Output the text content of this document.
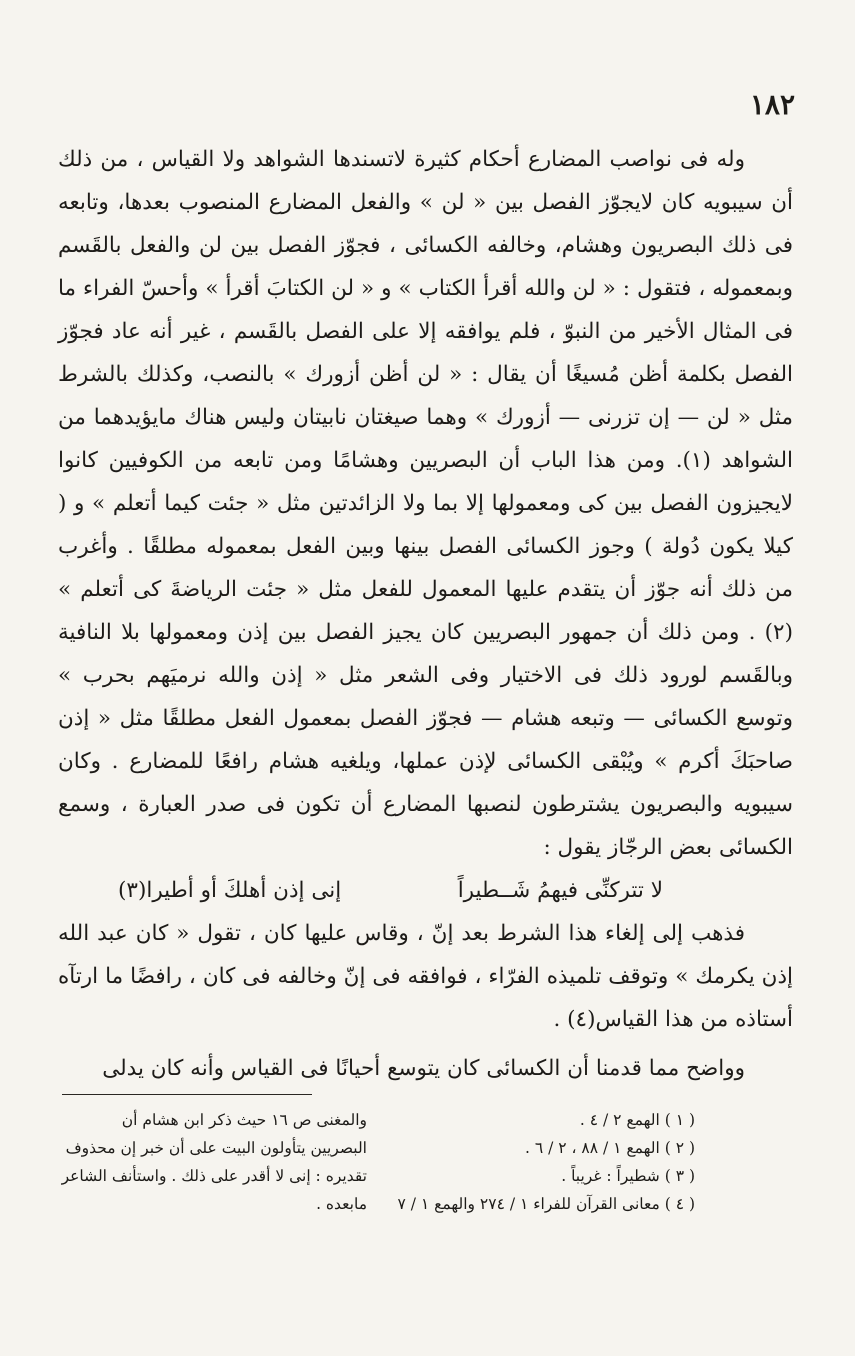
١٨٢

وله فى نواصب المضارع أحكام كثيرة لاتسندها الشواهد ولا القياس ، من ذلك أن سيبويه كان لايجوّز الفصل بين « لن » والفعل المضارع المنصوب بعدها، وتابعه فى ذلك البصريون وهشام، وخالفه الكسائى ، فجوّز الفصل بين لن والفعل بالقَسم وبمعموله ، فتقول : « لن والله أقرأ الكتاب » و « لن الكتابَ أقرأ » وأحسّ الفراء ما فى المثال الأخير من النبوّ ، فلم يوافقه إلا على الفصل بالقَسم ، غير أنه عاد فجوّز الفصل بكلمة أظن مُسيغًا أن يقال : « لن أظن أزورك » بالنصب، وكذلك بالشرط مثل « لن — إن تزرنى — أزورك » وهما صيغتان نابيتان وليس هناك مايؤيدهما من الشواهد (١). ومن هذا الباب أن البصريين وهشامًا ومن تابعه من الكوفيين كانوا لايجيزون الفصل بين كى ومعمولها إلا بما ولا الزائدتين مثل « جئت كيما أتعلم » و ( كيلا يكون دُولة ) وجوز الكسائى الفصل بينها وبين الفعل بمعموله مطلقًا . وأغرب من ذلك أنه جوّز أن يتقدم عليها المعمول للفعل مثل « جئت الرياضةَ كى أتعلم » (٢) . ومن ذلك أن جمهور البصريين كان يجيز الفصل بين إذن ومعمولها بلا النافية وبالقَسم لورود ذلك فى الاختيار وفى الشعر مثل « إذن والله نرميَهم بحرب » وتوسع الكسائى — وتبعه هشام — فجوّز الفصل بمعمول الفعل مطلقًا مثل « إذن صاحبَكَ أكرم » ويُبْقى الكسائى لإذن عملها، ويلغيه هشام رافعًا للمضارع . وكان سيبويه والبصريون يشترطون لنصبها المضارع أن تكون فى صدر العبارة ، وسمع الكسائى بعض الرجّاز يقول :

لا تتركنِّى فيهمُ شَــطيراً
إنى إذن أهلكَ أو أطيرا(٣)

فذهب إلى إلغاء هذا الشرط بعد إنّ ، وقاس عليها كان ، تقول « كان عبد الله إذن يكرمك » وتوقف تلميذه الفرّاء ، فوافقه فى إنّ وخالفه فى كان ، رافضًا ما ارتآه أستاذه من هذا القياس(٤) .

وواضح مما قدمنا أن الكسائى كان يتوسع أحيانًا فى القياس وأنه كان يدلى

( ١ ) الهمع ٢ / ٤ .
( ٢ ) الهمع ١ / ٨٨ ، ٢ / ٦ .
( ٣ ) شطيراً : غريباً .
( ٤ ) معانى القرآن للفراء ١ / ٢٧٤ والهمع ١ / ٧
والمغنى ص ١٦ حيث ذكر ابن هشام أن
البصريين يتأولون البيت على أن خبر إن محذوف
تقديره : إنى لا أقدر على ذلك . واستأنف الشاعر
مابعده .
